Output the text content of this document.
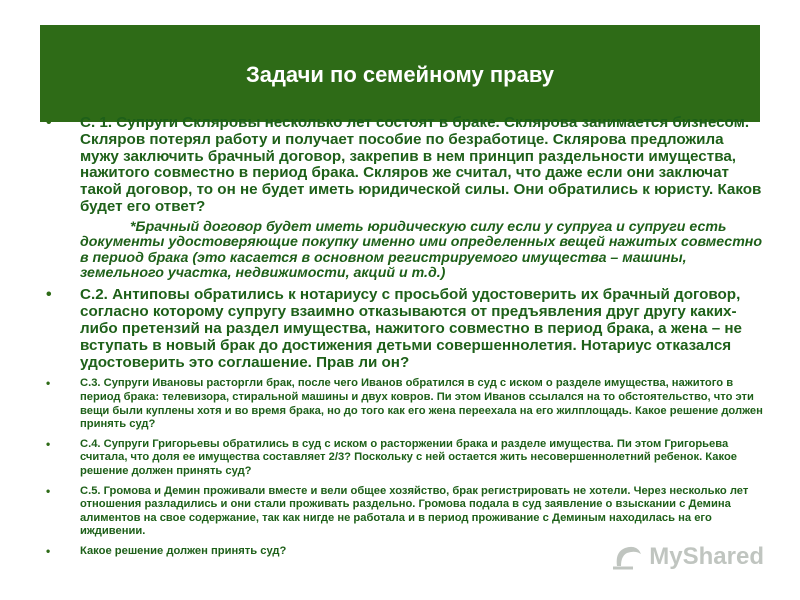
Задачи по семейному праву
• С. 1. Супруги Скляровы несколько лет состоят в браке. Склярова занимается бизнесом. Скляров потерял работу и получает пособие по безработице. Склярова предложила мужу заключить брачный договор, закрепив в нем принцип раздельности имущества, нажитого совместно в период брака. Скляров же считал, что даже если они заключат такой договор, то он не будет иметь юридической силы. Они обратились к юристу. Каков будет его ответ?
*Брачный договор будет иметь юридическую силу если у супруга и супруги есть документы удостоверяющие покупку именно ими определенных вещей нажитых совместно в период брака (это касается в основном регистрируемого имущества – машины, земельного участка, недвижимости, акций и т.д.)
• С.2. Антиповы обратились к нотариусу с просьбой удостоверить их брачный договор, согласно которому супругу взаимно отказываются от предъявления друг другу каких-либо претензий на раздел имущества, нажитого совместно в период брака, а жена – не вступать в новый брак до достижения детьми совершеннолетия. Нотариус отказался удостоверить это соглашение. Прав ли он?
•	С.3. Супруги Ивановы расторгли брак, после чего Иванов обратился в суд с иском о разделе имущества, нажитого в период брака: телевизора, стиральной машины и двух ковров. Пи этом Иванов ссылался на то обстоятельство, что эти вещи были куплены хотя и во время брака, но до того как его жена переехала на его жилплощадь. Какое решение должен принять суд?
•	С.4. Супруги Григорьевы обратились в суд с иском о расторжении брака и разделе имущества. Пи этом Григорьева считала, что доля ее имущества составляет 2/3? Поскольку с ней остается жить несовершеннолетний ребенок. Какое решение должен принять суд?
•	С.5. Громова и Демин проживали вместе и вели общее хозяйство, брак регистрировать не хотели. Через несколько лет отношения разладились и они стали проживать раздельно. Громова подала в суд заявление о взыскании с Демина алиментов на свое содержание, так как нигде не работала и в период проживание с Деминым находилась на его иждивении.
•	Какое решение должен принять суд?	MyShared
